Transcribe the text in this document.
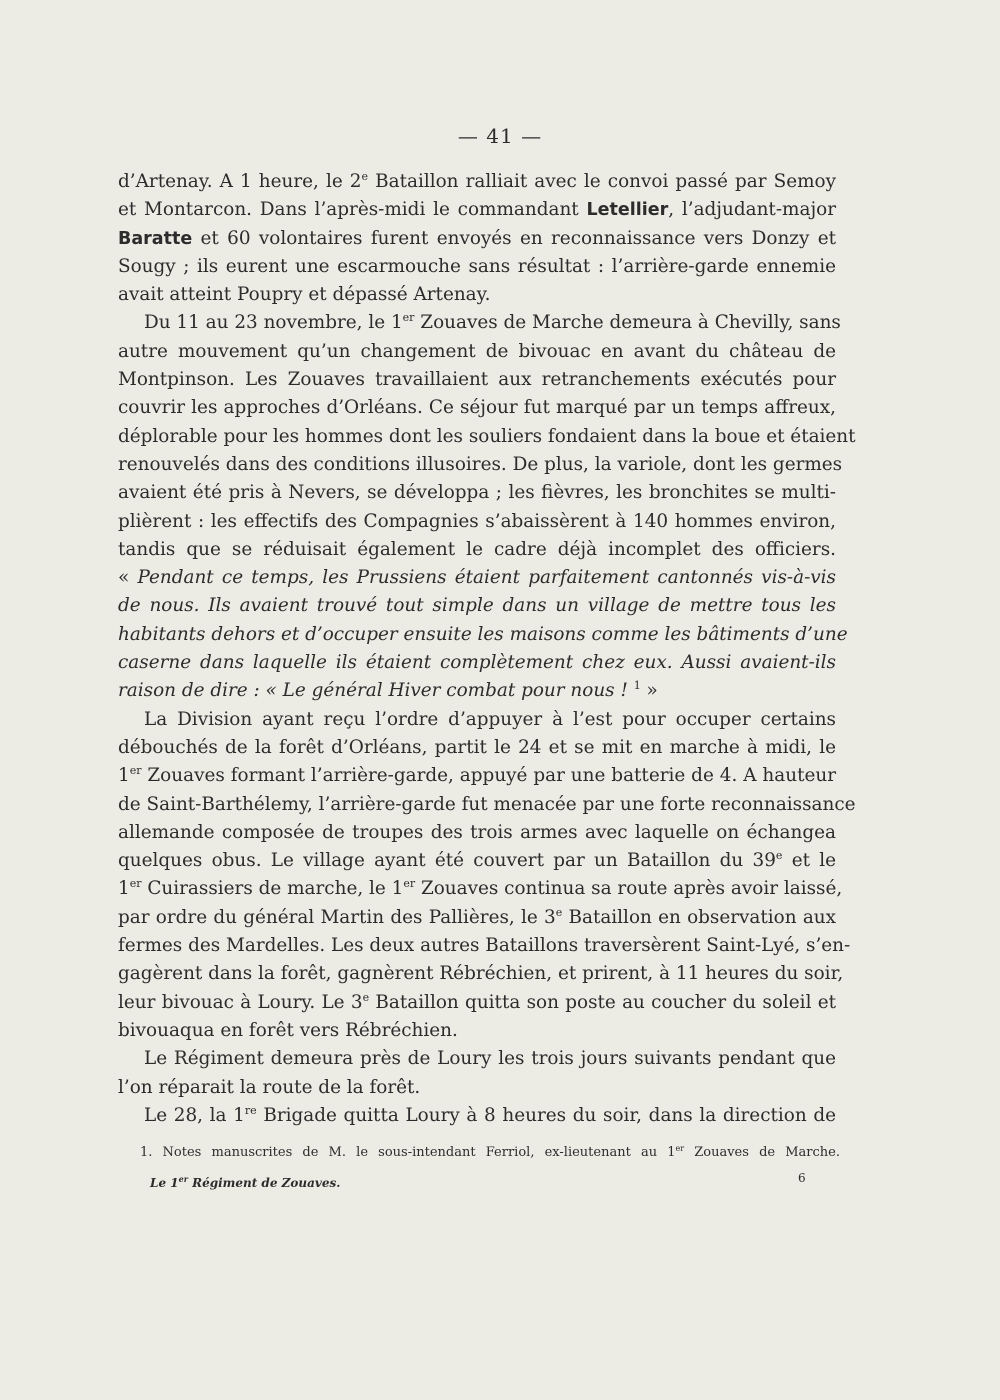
— 41 —
d’Artenay. A 1 heure, le 2e Bataillon ralliait avec le convoi passé par Semoy
et Montarcon. Dans l’après-midi le commandant Letellier, l’adjudant-major
Baratte et 60 volontaires furent envoyés en reconnaissance vers Donzy et
Sougy ; ils eurent une escarmouche sans résultat : l’arrière-garde ennemie
avait atteint Poupry et dépassé Artenay.
Du 11 au 23 novembre, le 1er Zouaves de Marche demeura à Chevilly, sans
autre mouvement qu’un changement de bivouac en avant du château de
Montpinson. Les Zouaves travaillaient aux retranchements exécutés pour
couvrir les approches d’Orléans. Ce séjour fut marqué par un temps affreux,
déplorable pour les hommes dont les souliers fondaient dans la boue et étaient
renouvelés dans des conditions illusoires. De plus, la variole, dont les germes
avaient été pris à Nevers, se développa ; les fièvres, les bronchites se multi-
plièrent : les effectifs des Compagnies s’abaissèrent à 140 hommes environ,
tandis que se réduisait également le cadre déjà incomplet des officiers.
« Pendant ce temps, les Prussiens étaient parfaitement cantonnés vis-à-vis
de nous. Ils avaient trouvé tout simple dans un village de mettre tous les
habitants dehors et d’occuper ensuite les maisons comme les bâtiments d’une
caserne dans laquelle ils étaient complètement chez eux. Aussi avaient-ils
raison de dire : « Le général Hiver combat pour nous ! $^1$ »
La Division ayant reçu l’ordre d’appuyer à l’est pour occuper certains
débouchés de la forêt d’Orléans, partit le 24 et se mit en marche à midi, le
1er Zouaves formant l’arrière-garde, appuyé par une batterie de 4. A hauteur
de Saint-Barthélemy, l’arrière-garde fut menacée par une forte reconnaissance
allemande composée de troupes des trois armes avec laquelle on échangea
quelques obus. Le village ayant été couvert par un Bataillon du 39e et le
1er Cuirassiers de marche, le 1er Zouaves continua sa route après avoir laissé,
par ordre du général Martin des Pallières, le 3e Bataillon en observation aux
fermes des Mardelles. Les deux autres Bataillons traversèrent Saint-Lyé, s’en-
gagèrent dans la forêt, gagnèrent Rébréchien, et prirent, à 11 heures du soir,
leur bivouac à Loury. Le 3e Bataillon quitta son poste au coucher du soleil et
bivouaqua en forêt vers Rébréchien.
Le Régiment demeura près de Loury les trois jours suivants pendant que
l’on réparait la route de la forêt.
Le 28, la 1re Brigade quitta Loury à 8 heures du soir, dans la direction de
1. Notes manuscrites de M. le sous-intendant Ferriol, ex-lieutenant au 1er Zouaves de Marche.
Le 1er Régiment de Zouaves.	6
